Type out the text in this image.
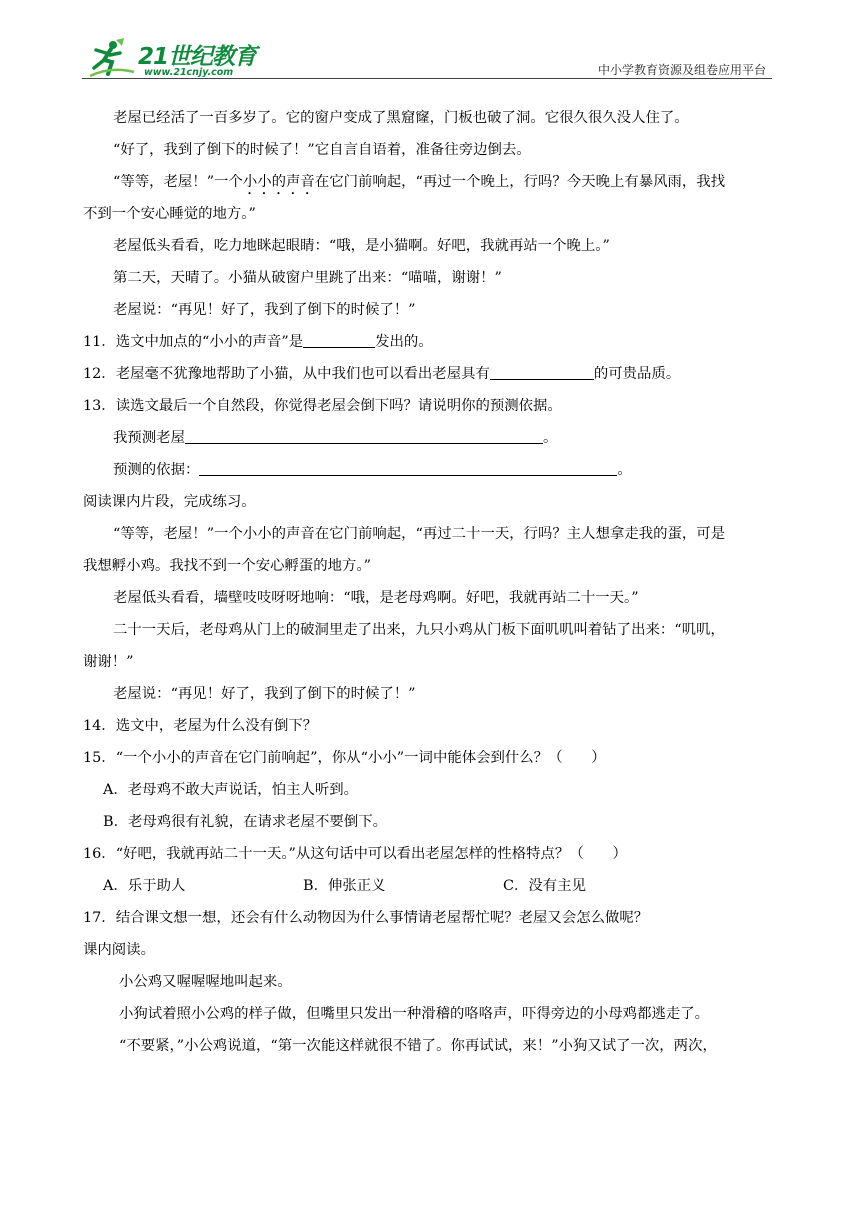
21世纪教育
www.21cnjy.com	中小学教育资源及组卷应用平台
老屋已经活了一百多岁了。它的窗户变成了黑窟窿，门板也破了洞。它很久很久没人住了。
“好了，我到了倒下的时候了！”它自言自语着，准备往旁边倒去。
“等等，老屋！”一个小小的声音在它门前响起，“再过一个晚上，行吗？今天晚上有暴风雨，我找
不到一个安心睡觉的地方。”
老屋低头看看，吃力地眯起眼睛：“哦，是小猫啊。好吧，我就再站一个晚上。”
第二天，天晴了。小猫从破窗户里跳了出来：“喵喵，谢谢！”
老屋说：“再见！好了，我到了倒下的时候了！”
11．选文中加点的“小小的声音”是	发出的。
12．老屋毫不犹豫地帮助了小猫，从中我们也可以看出老屋具有	的可贵品质。
13．读选文最后一个自然段，你觉得老屋会倒下吗？请说明你的预测依据。
我预测老屋	。
预测的依据：	。
阅读课内片段，完成练习。
“等等，老屋！”一个小小的声音在它门前响起，“再过二十一天，行吗？主人想拿走我的蛋，可是
我想孵小鸡。我找不到一个安心孵蛋的地方。”
老屋低头看看，墙壁吱吱呀呀地响：“哦，是老母鸡啊。好吧，我就再站二十一天。”
二十一天后，老母鸡从门上的破洞里走了出来，九只小鸡从门板下面叽叽叫着钻了出来：“叽叽，
谢谢！”
老屋说：“再见！好了，我到了倒下的时候了！”
14．选文中，老屋为什么没有倒下？
15．“一个小小的声音在它门前响起”，你从“小小”一词中能体会到什么？（　　）
A．老母鸡不敢大声说话，怕主人听到。
B．老母鸡很有礼貌，在请求老屋不要倒下。
16．“好吧，我就再站二十一天。”从这句话中可以看出老屋怎样的性格特点？（　　）
A．乐于助人	B．伸张正义	C．没有主见
17．结合课文想一想，还会有什么动物因为什么事情请老屋帮忙呢？老屋又会怎么做呢？
课内阅读。
小公鸡又喔喔喔地叫起来。
小狗试着照小公鸡的样子做，但嘴里只发出一种滑稽的咯咯声，吓得旁边的小母鸡都逃走了。
“不要紧，”小公鸡说道，“第一次能这样就很不错了。你再试试，来！”小狗又试了一次，两次，
